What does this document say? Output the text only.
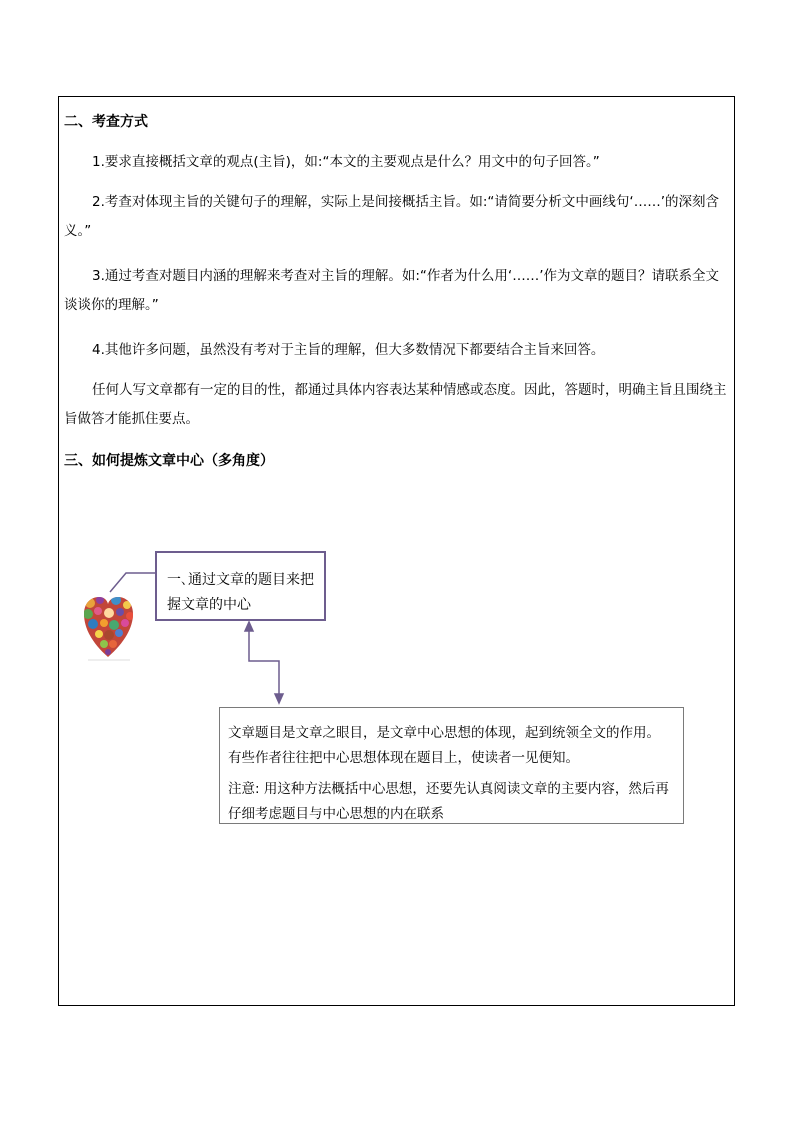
二、考查方式

1.要求直接概括文章的观点(主旨)，如:“本文的主要观点是什么？用文中的句子回答。”

2.考查对体现主旨的关键句子的理解，实际上是间接概括主旨。如:“请简要分析文中画线句‘……’的深刻含义。”

3.通过考查对题目内涵的理解来考查对主旨的理解。如:“作者为什么用‘……’作为文章的题目？请联系全文谈谈你的理解。”

4.其他许多问题，虽然没有考对于主旨的理解，但大多数情况下都要结合主旨来回答。

任何人写文章都有一定的目的性，都通过具体内容表达某种情感或态度。因此，答题时，明确主旨且围绕主旨做答才能抓住要点。

三、如何提炼文章中心（多角度）

一､通过文章的题目来把握文章的中心

文章题目是文章之眼目，是文章中心思想的体现，起到统领全文的作用。有些作者往往把中心思想体现在题目上，使读者一见便知。

注意: 用这种方法概括中心思想，还要先认真阅读文章的主要内容，然后再仔细考虑题目与中心思想的内在联系
